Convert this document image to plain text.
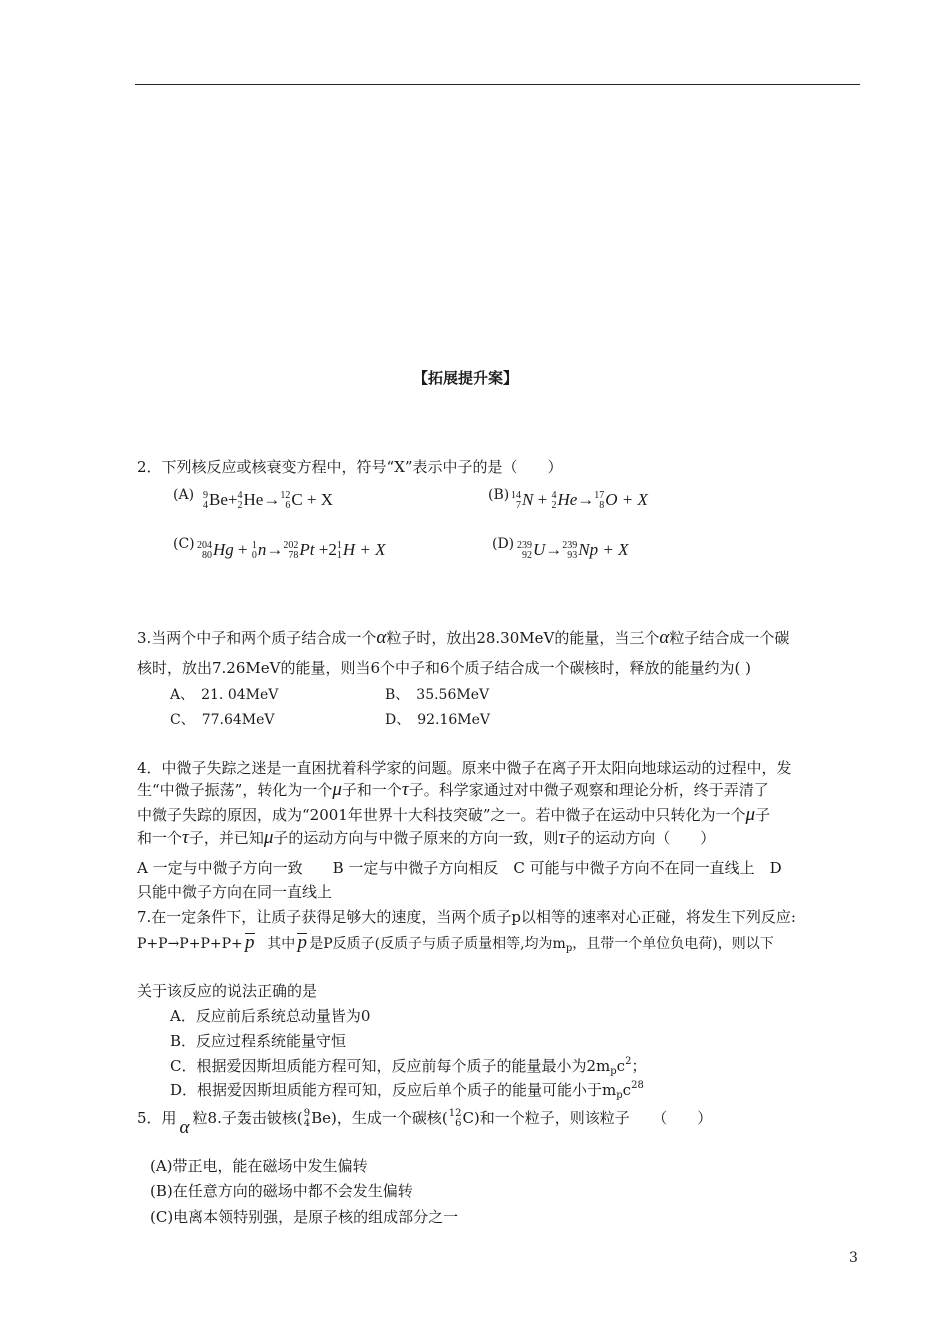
【拓展提升案】
2．下列核反应或核衰变方程中，符号“X”表示中子的是（　　）
(A) 9
4 Be+ 4
2 He→ 12
6 C + X	(B) 14
7 N + 4
2 He→ 17
8 O + X
(C) 204
80 Hg + 1
0 n→ 202
78 Pt +2 1
1 H + X	(D) 239
92 U→ 239
93 Np + X
3.当两个中子和两个质子结合成一个α粒子时，放出28.30MeV的能量，当三个α粒子结合成一个碳
核时，放出7.26MeV的能量，则当6个中子和6个质子结合成一个碳核时，释放的能量约为( )
A、　21. 04MeV	B、　35.56MeV
C、　77.64MeV	D、　92.16MeV
4．中微子失踪之迷是一直困扰着科学家的问题。原来中微子在离子开太阳向地球运动的过程中，发
生“中微子振荡”，转化为一个μ子和一个τ子。科学家通过对中微子观察和理论分析，终于弄清了
中微子失踪的原因，成为“2001年世界十大科技突破”之一。若中微子在运动中只转化为一个μ子
和一个τ子，并已知μ子的运动方向与中微子原来的方向一致，则τ子的运动方向（　　）
A 一定与中微子方向一致　　B 一定与中微子方向相反　C 可能与中微子方向不在同一直线上　D
只能中微子方向在同一直线上
7.在一定条件下，让质子获得足够大的速度，当两个质子p以相等的速率对心正碰，将发生下列反应:
P+P→P+P+P+ p 其中 p 是P反质子(反质子与质子质量相等,均为$m_p$，且带一个单位负电荷)，则以下
关于该反应的说法正确的是
A．反应前后系统总动量皆为0
B．反应过程系统能量守恒
C．根据爱因斯坦质能方程可知，反应前每个质子的能量最小为$2m_pc^2$；
D．根据爱因斯坦质能方程可知，反应后单个质子的能量可能小于$m_pc^{28}$
5．用 α 粒8.子轰击铍核( 9
4 Be)，生成一个碳核( 12
6 C)和一个粒子，则该粒子　　（　　）
(A)带正电，能在磁场中发生偏转
(B)在任意方向的磁场中都不会发生偏转
(C)电离本领特别强，是原子核的组成部分之一
3
